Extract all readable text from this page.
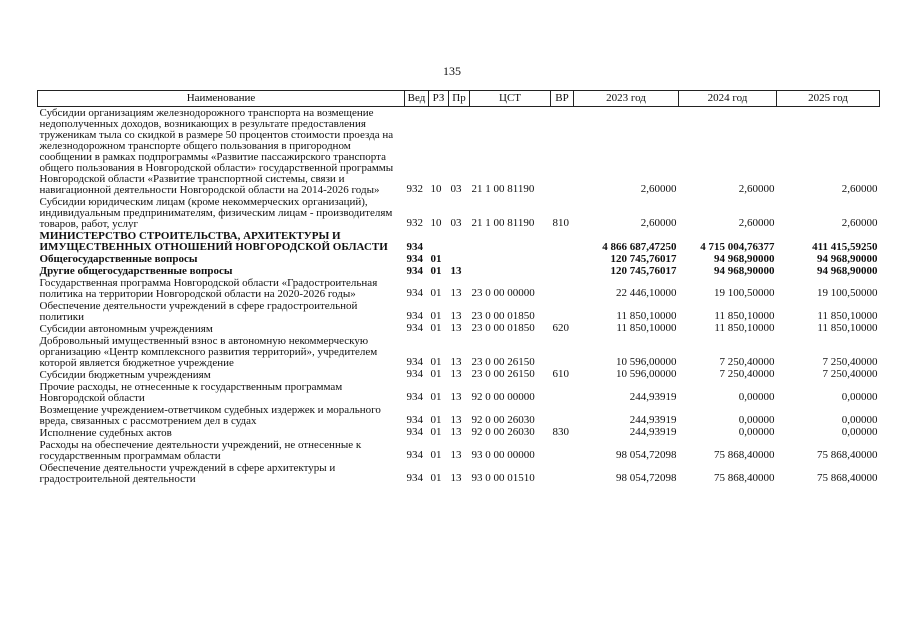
135
Наименование	Вед	РЗ	Пр	ЦСТ	ВР	2023 год	2024 год	2025 год
Субсидии организациям железнодорожного транспорта на возмещение недополученных доходов, возникающих в результате предоставления труженикам тыла со скидкой в размере 50 процентов стоимости проезда на железнодорожном транспорте общего пользования в пригородном сообщении в рамках подпрограммы «Развитие пассажирского транспорта общего пользования в Новгородской области» государственной программы Новгородской области «Развитие транспортной системы, связи и навигационной деятельности Новгородской области на 2014-2026 годы»	932	10	03	21 1 00 81190		2,60000	2,60000	2,60000
Субсидии юридическим лицам (кроме некоммерческих организаций), индивидуальным предпринимателям, физическим лицам - производителям товаров, работ, услуг	932	10	03	21 1 00 81190	810	2,60000	2,60000	2,60000
МИНИСТЕРСТВО СТРОИТЕЛЬСТВА, АРХИТЕКТУРЫ И ИМУЩЕСТВЕННЫХ ОТНОШЕНИЙ НОВГОРОДСКОЙ ОБЛАСТИ	934					4 866 687,47250	4 715 004,76377	411 415,59250
Общегосударственные вопросы	934	01				120 745,76017	94 968,90000	94 968,90000
Другие общегосударственные вопросы	934	01	13			120 745,76017	94 968,90000	94 968,90000
Государственная программа Новгородской области «Градостроительная политика на территории Новгородской области на 2020-2026 годы»	934	01	13	23 0 00 00000		22 446,10000	19 100,50000	19 100,50000
Обеспечение деятельности учреждений в сфере градостроительной политики	934	01	13	23 0 00 01850		11 850,10000	11 850,10000	11 850,10000
Субсидии автономным учреждениям	934	01	13	23 0 00 01850	620	11 850,10000	11 850,10000	11 850,10000
Добровольный имущественный взнос в автономную некоммерческую организацию «Центр комплексного развития территорий», учредителем которой является бюджетное учреждение	934	01	13	23 0 00 26150		10 596,00000	7 250,40000	7 250,40000
Субсидии бюджетным учреждениям	934	01	13	23 0 00 26150	610	10 596,00000	7 250,40000	7 250,40000
Прочие расходы, не отнесенные к государственным программам Новгородской области	934	01	13	92 0 00 00000		244,93919	0,00000	0,00000
Возмещение учреждением-ответчиком судебных издержек и морального вреда, связанных с рассмотрением дел в судах	934	01	13	92 0 00 26030		244,93919	0,00000	0,00000
Исполнение судебных актов	934	01	13	92 0 00 26030	830	244,93919	0,00000	0,00000
Расходы на обеспечение деятельности учреждений, не отнесенные к государственным программам области	934	01	13	93 0 00 00000		98 054,72098	75 868,40000	75 868,40000
Обеспечение деятельности учреждений в сфере архитектуры и градостроительной деятельности	934	01	13	93 0 00 01510		98 054,72098	75 868,40000	75 868,40000
